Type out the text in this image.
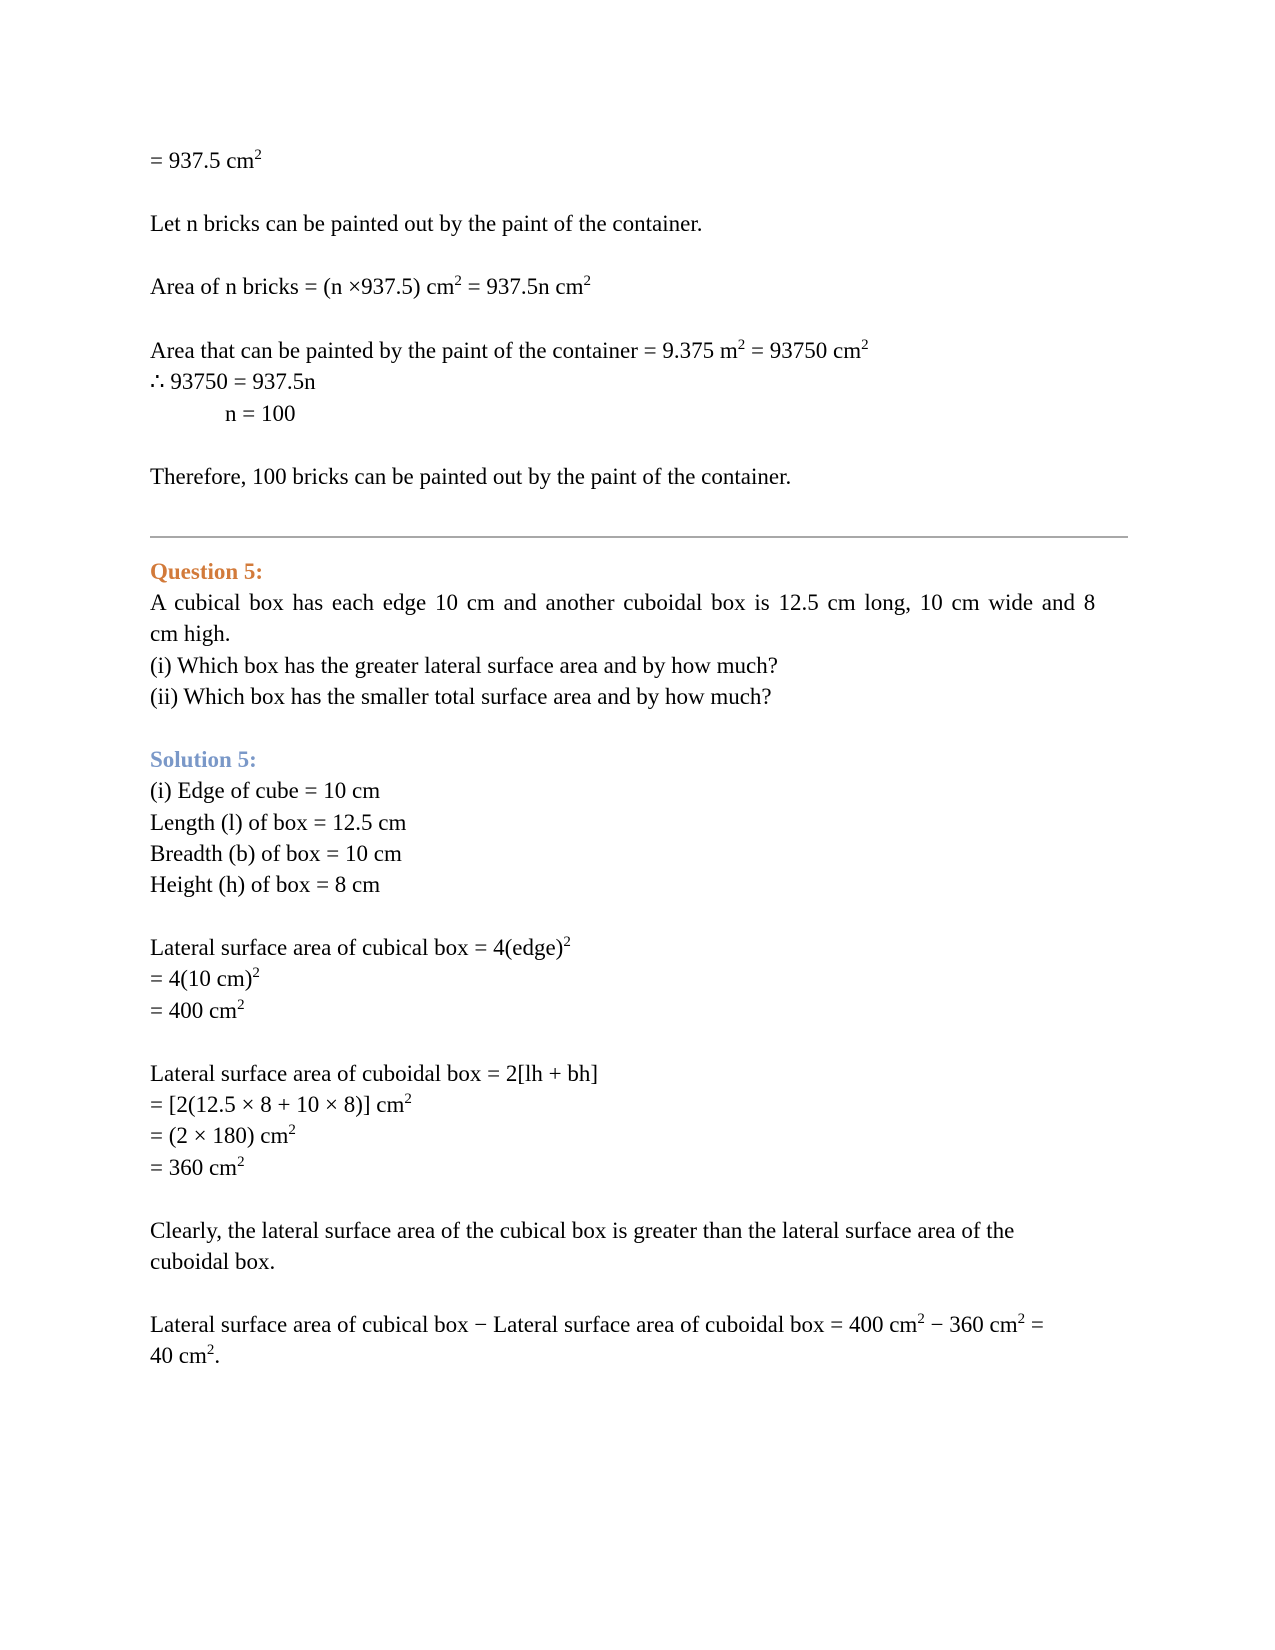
= 937.5 $cm^2$
Let n bricks can be painted out by the paint of the container.
Area of n bricks = (n ×937.5) $cm^2 = 937.5n$ $cm^2$
Area that can be painted by the paint of the container = 9.375 $m^2 = 93750$ $cm^2$
∴ 93750 = 937.5n
n = 100
Therefore, 100 bricks can be painted out by the paint of the container.
Question 5:
A cubical box has each edge 10 cm and another cuboidal box is 12.5 cm long, 10 cm wide and 8
cm high.
(i) Which box has the greater lateral surface area and by how much?
(ii) Which box has the smaller total surface area and by how much?
Solution 5:
(i) Edge of cube = 10 cm
Length (l) of box = 12.5 cm
Breadth (b) of box = 10 cm
Height (h) of box = 8 cm
Lateral surface area of cubical box = 4(edge)$^2$
= 4(10 cm)$^2$
= 400 $cm^2$
Lateral surface area of cuboidal box = 2[lh + bh]
= [2(12.5 × 8 + 10 × 8)] $cm^2$
= (2 × 180) $cm^2$
= 360 $cm^2$
Clearly, the lateral surface area of the cubical box is greater than the lateral surface area of the
cuboidal box.
Lateral surface area of cubical box − Lateral surface area of cuboidal box = 400 $cm^2 - 360$ $cm^2$ =
40 $cm^2$.
